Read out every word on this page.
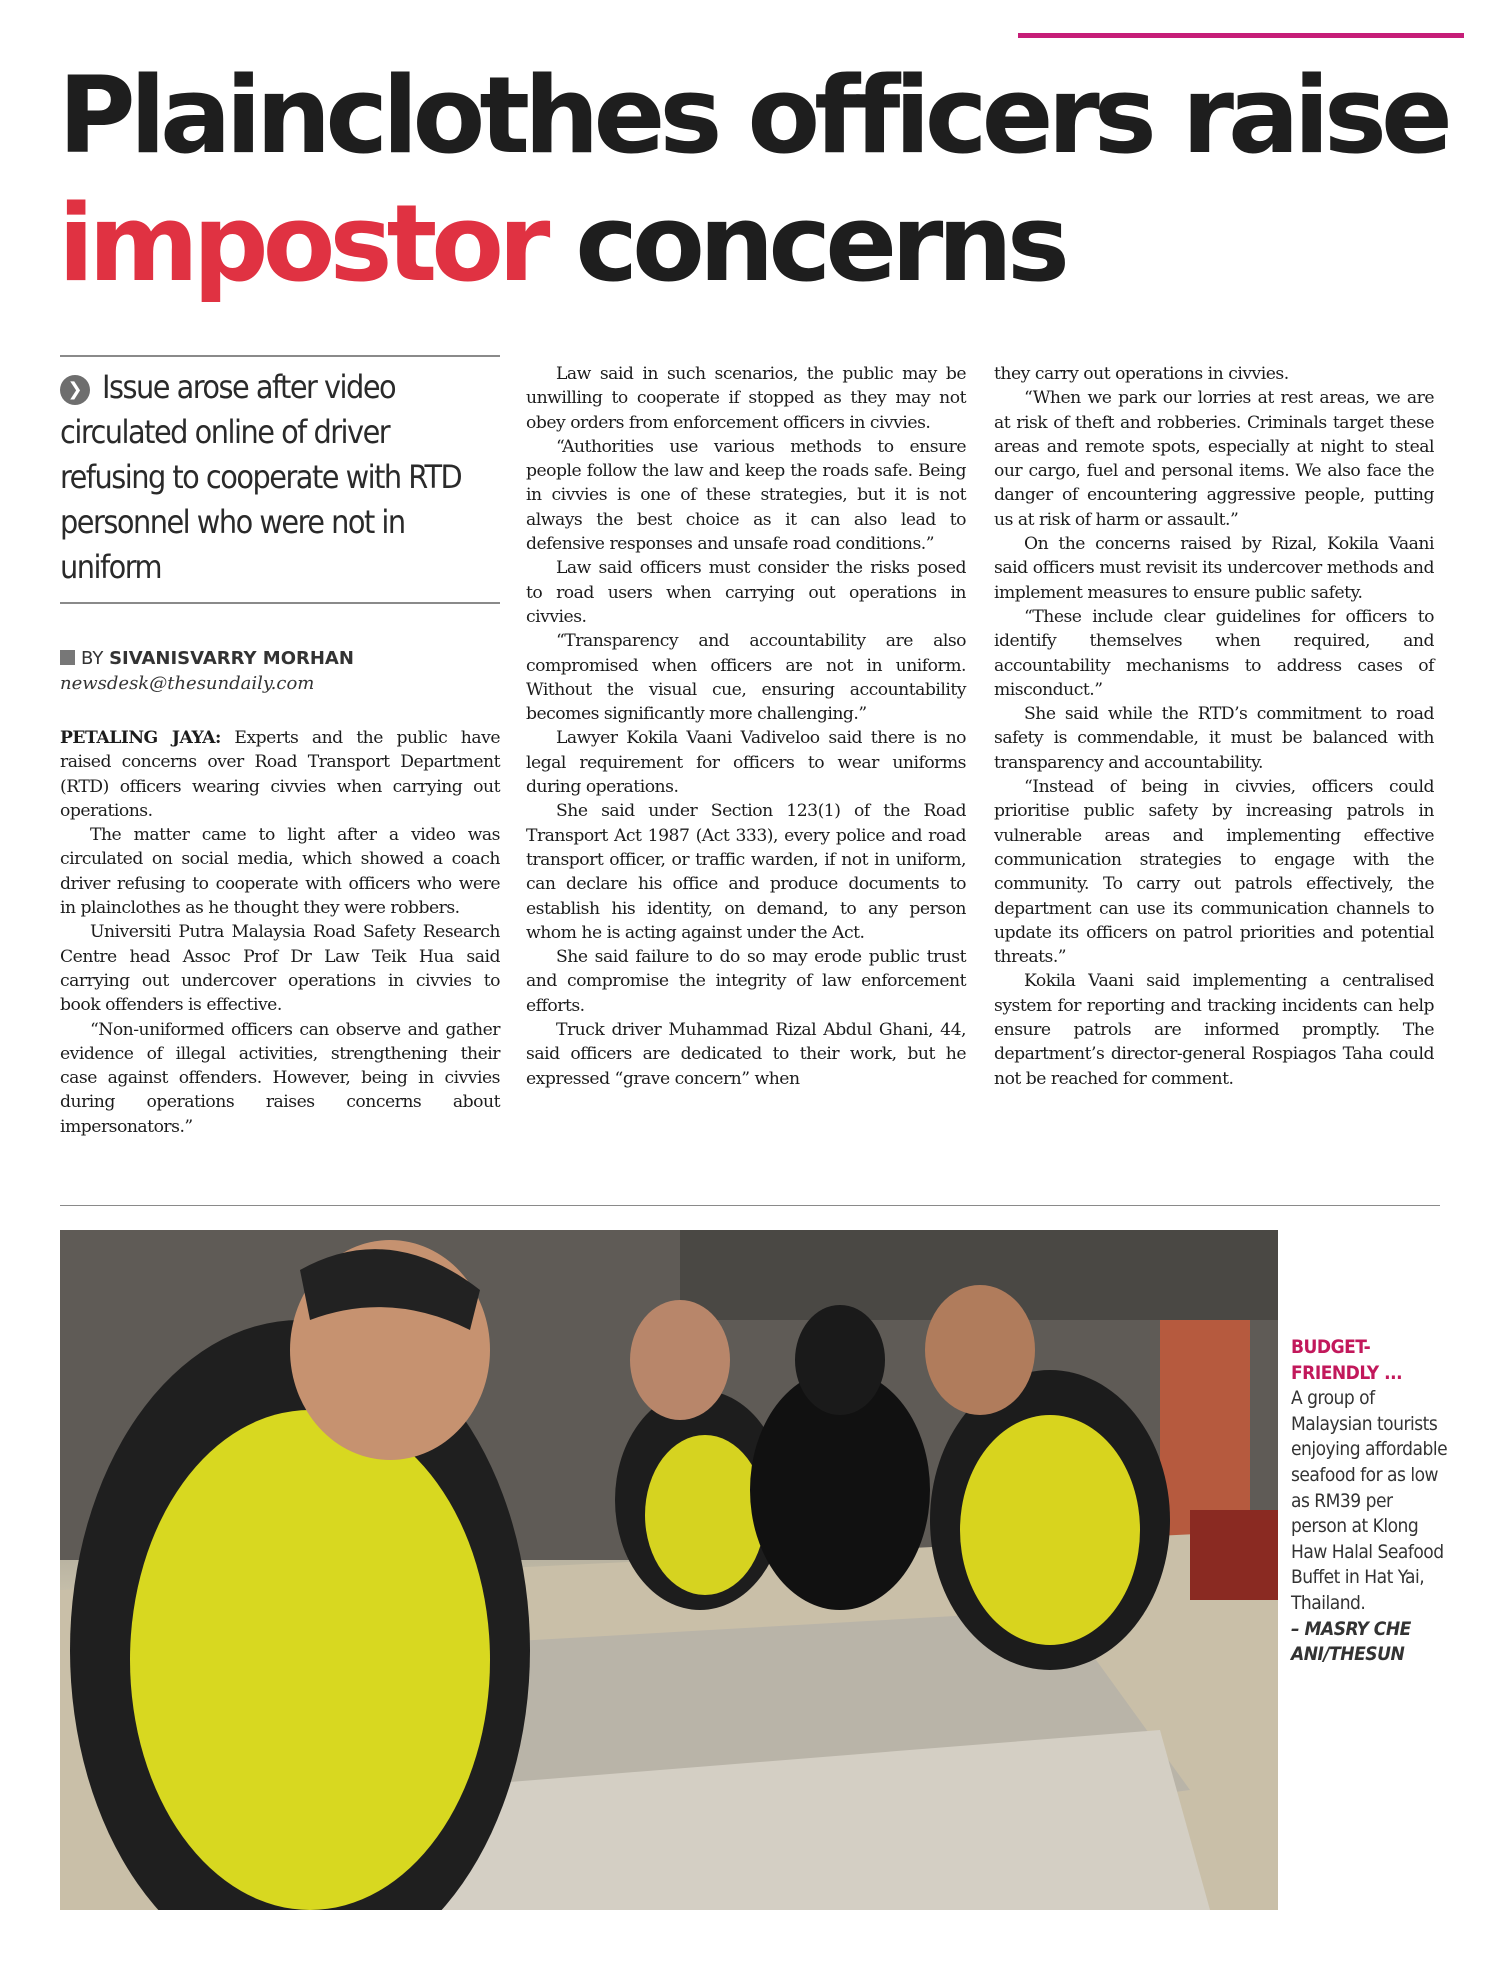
Plainclothes officers raise
impostor concerns
❯ Issue arose after video circulated online of driver refusing to cooperate with RTD personnel who were not in uniform
BY SIVANISVARRY MORHAN
newsdesk@thesundaily.com

PETALING JAYA: Experts and the public have raised concerns over Road Transport Department (RTD) officers wearing civvies when carrying out operations.

The matter came to light after a video was circulated on social media, which showed a coach driver refusing to cooperate with officers who were in plainclothes as he thought they were robbers.

Universiti Putra Malaysia Road Safety Research Centre head Assoc Prof Dr Law Teik Hua said carrying out undercover operations in civvies to book offenders is effective.

“Non-uniformed officers can observe and gather evidence of illegal activities, strengthening their case against offenders. However, being in civvies during operations raises concerns about impersonators.”

Law said in such scenarios, the public may be unwilling to cooperate if stopped as they may not obey orders from enforcement officers in civvies.

“Authorities use various methods to ensure people follow the law and keep the roads safe. Being in civvies is one of these strategies, but it is not always the best choice as it can also lead to defensive responses and unsafe road conditions.”

Law said officers must consider the risks posed to road users when carrying out operations in civvies.

“Transparency and accountability are also compromised when officers are not in uniform. Without the visual cue, ensuring accountability becomes significantly more challenging.”

Lawyer Kokila Vaani Vadiveloo said there is no legal requirement for officers to wear uniforms during operations.

She said under Section 123(1) of the Road Transport Act 1987 (Act 333), every police and road transport officer, or traffic warden, if not in uniform, can declare his office and produce documents to establish his identity, on demand, to any person whom he is acting against under the Act.

She said failure to do so may erode public trust and compromise the integrity of law enforcement efforts.

Truck driver Muhammad Rizal Abdul Ghani, 44, said officers are dedicated to their work, but he expressed “grave concern” when

they carry out operations in civvies.

“When we park our lorries at rest areas, we are at risk of theft and robberies. Criminals target these areas and remote spots, especially at night to steal our cargo, fuel and personal items. We also face the danger of encountering aggressive people, putting us at risk of harm or assault.”

On the concerns raised by Rizal, Kokila Vaani said officers must revisit its undercover methods and implement measures to ensure public safety.

“These include clear guidelines for officers to identify themselves when required, and accountability mechanisms to address cases of misconduct.”

She said while the RTD’s commitment to road safety is commendable, it must be balanced with transparency and accountability.

“Instead of being in civvies, officers could prioritise public safety by increasing patrols in vulnerable areas and implementing effective communication strategies to engage with the community. To carry out patrols effectively, the department can use its communication channels to update its officers on patrol priorities and potential threats.”

Kokila Vaani said implementing a centralised system for reporting and tracking incidents can help ensure patrols are informed promptly. The department’s director-general Rospiagos Taha could not be reached for comment.

BUDGET-FRIENDLY ...
A group of Malaysian tourists enjoying affordable seafood for as low as RM39 per person at Klong Haw Halal Seafood Buffet in Hat Yai, Thailand.
– MASRY CHE ANI/THESUN
